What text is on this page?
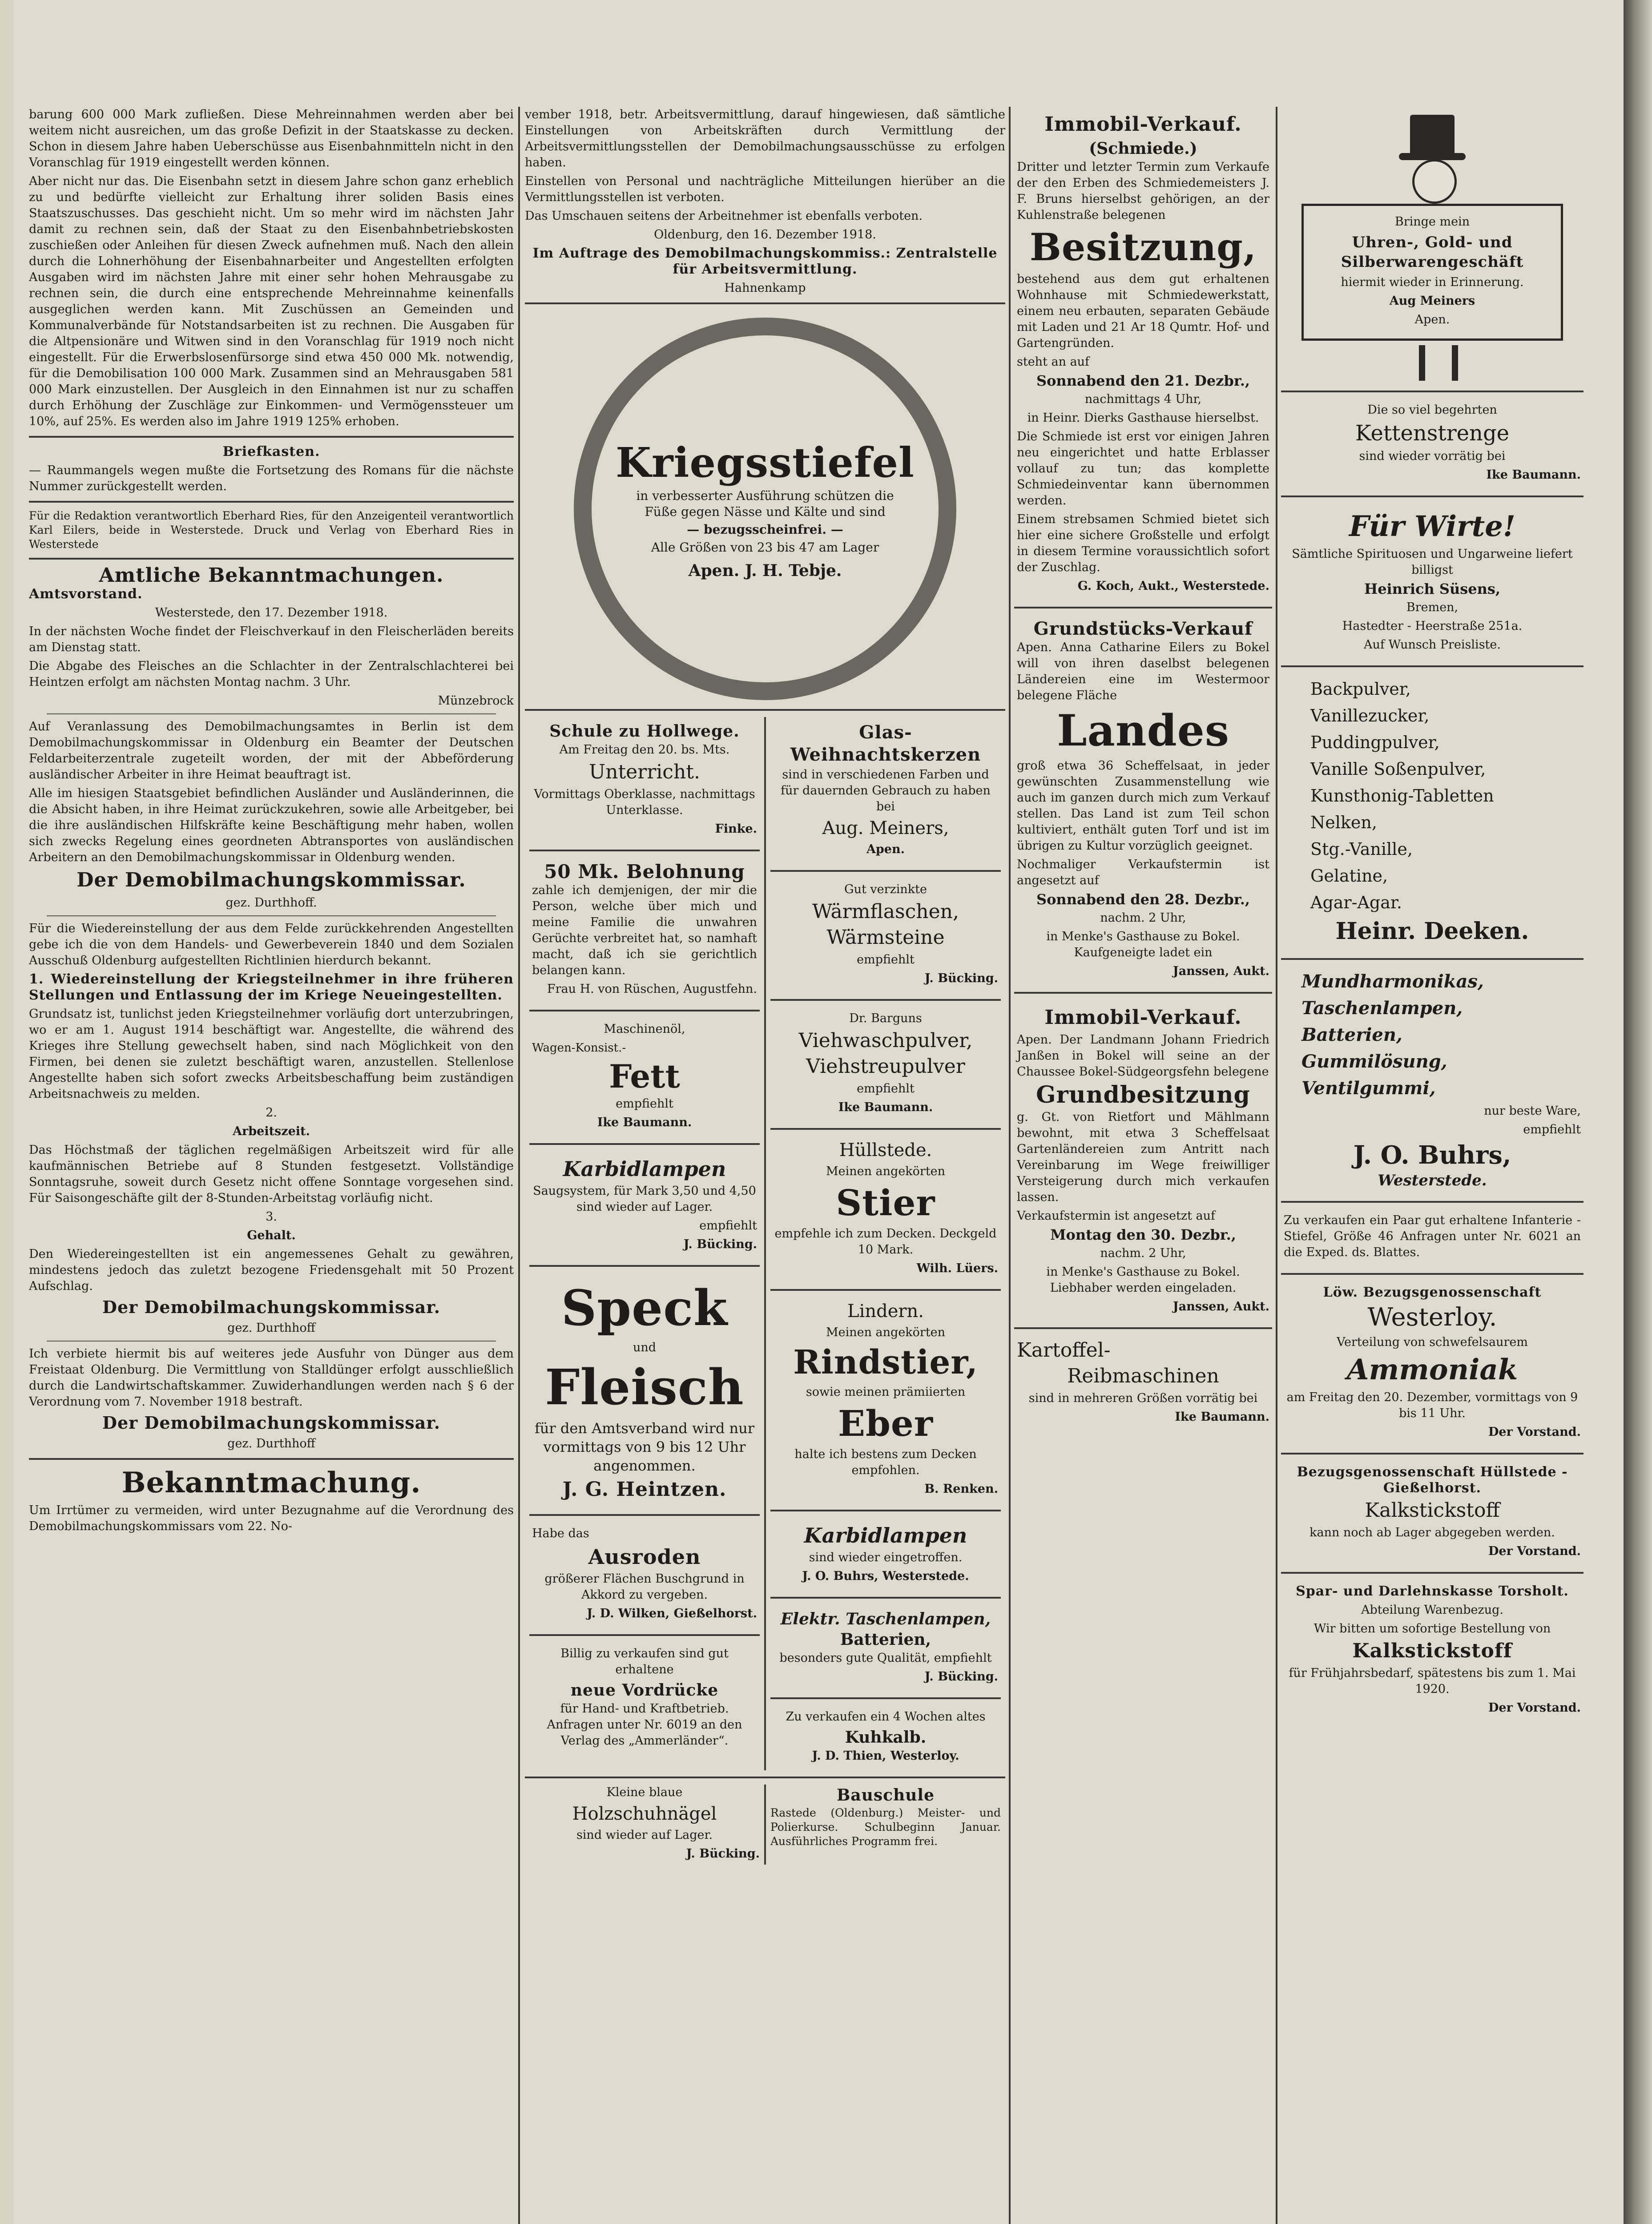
barung 600 000 Mark zufließen. Diese Mehreinnahmen werden aber bei weitem nicht ausreichen, um das große Defizit in der Staatskasse zu decken. Schon in diesem Jahre haben Ueberschüsse aus Eisenbahnmitteln nicht in den Voranschlag für 1919 eingestellt werden können.

Aber nicht nur das. Die Eisenbahn setzt in diesem Jahre schon ganz erheblich zu und bedürfte vielleicht zur Erhaltung ihrer soliden Basis eines Staatszuschusses. Das geschieht nicht. Um so mehr wird im nächsten Jahr damit zu rechnen sein, daß der Staat zu den Eisenbahnbetriebskosten zuschießen oder Anleihen für diesen Zweck aufnehmen muß. Nach den allein durch die Lohnerhöhung der Eisenbahnarbeiter und Angestellten erfolgten Ausgaben wird im nächsten Jahre mit einer sehr hohen Mehrausgabe zu rechnen sein, die durch eine entsprechende Mehreinnahme keinenfalls ausgeglichen werden kann. Mit Zuschüssen an Gemeinden und Kommunalverbände für Notstandsarbeiten ist zu rechnen. Die Ausgaben für die Altpensionäre und Witwen sind in den Voranschlag für 1919 noch nicht eingestellt. Für die Erwerbslosenfürsorge sind etwa 450 000 Mk. notwendig, für die Demobilisation 100 000 Mark. Zusammen sind an Mehrausgaben 581 000 Mark einzustellen. Der Ausgleich in den Einnahmen ist nur zu schaffen durch Erhöhung der Zuschläge zur Einkommen- und Vermögenssteuer um 10%, auf 25%. Es werden also im Jahre 1919 125% erhoben.

Briefkasten.

— Raummangels wegen mußte die Fortsetzung des Romans für die nächste Nummer zurückgestellt werden.

Für die Redaktion verantwortlich Eberhard Ries, für den Anzeigenteil verantwortlich Karl Eilers, beide in Westerstede. Druck und Verlag von Eberhard Ries in Westerstede

Amtliche Bekanntmachungen.

Amtsvorstand.

Westerstede, den 17. Dezember 1918.

In der nächsten Woche findet der Fleischverkauf in den Fleischerläden bereits am Dienstag statt.

Die Abgabe des Fleisches an die Schlachter in der Zentralschlachterei bei Heintzen erfolgt am nächsten Montag nachm. 3 Uhr.

Münzebrock

Auf Veranlassung des Demobilmachungsamtes in Berlin ist dem Demobilmachungskommissar in Oldenburg ein Beamter der Deutschen Feldarbeiterzentrale zugeteilt worden, der mit der Abbeförderung ausländischer Arbeiter in ihre Heimat beauftragt ist.

Alle im hiesigen Staatsgebiet befindlichen Ausländer und Ausländerinnen, die die Absicht haben, in ihre Heimat zurückzukehren, sowie alle Arbeitgeber, bei die ihre ausländischen Hilfskräfte keine Beschäftigung mehr haben, wollen sich zwecks Regelung eines geordneten Abtransportes von ausländischen Arbeitern an den Demobilmachungskommissar in Oldenburg wenden.

Der Demobilmachungskommissar.

gez. Durthhoff.

Für die Wiedereinstellung der aus dem Felde zurückkehrenden Angestellten gebe ich die von dem Handels- und Gewerbeverein 1840 und dem Sozialen Ausschuß Oldenburg aufgestellten Richtlinien hierdurch bekannt.

1. Wiedereinstellung der Kriegsteilnehmer in ihre früheren Stellungen und Entlassung der im Kriege Neueingestellten.

Grundsatz ist, tunlichst jeden Kriegsteilnehmer vorläufig dort unterzubringen, wo er am 1. August 1914 beschäftigt war. Angestellte, die während des Krieges ihre Stellung gewechselt haben, sind nach Möglichkeit von den Firmen, bei denen sie zuletzt beschäftigt waren, anzustellen. Stellenlose Angestellte haben sich sofort zwecks Arbeitsbeschaffung beim zuständigen Arbeitsnachweis zu melden.

2.

Arbeitszeit.

Das Höchstmaß der täglichen regelmäßigen Arbeitszeit wird für alle kaufmännischen Betriebe auf 8 Stunden festgesetzt. Vollständige Sonntagsruhe, soweit durch Gesetz nicht offene Sonntage vorgesehen sind. Für Saisongeschäfte gilt der 8-Stunden-Arbeitstag vorläufig nicht.

3.

Gehalt.

Den Wiedereingestellten ist ein angemessenes Gehalt zu gewähren, mindestens jedoch das zuletzt bezogene Friedensgehalt mit 50 Prozent Aufschlag.

Der Demobilmachungskommissar.

gez. Durthhoff

Ich verbiete hiermit bis auf weiteres jede Ausfuhr von Dünger aus dem Freistaat Oldenburg. Die Vermittlung von Stalldünger erfolgt ausschließlich durch die Landwirtschaftskammer. Zuwiderhandlungen werden nach § 6 der Verordnung vom 7. November 1918 bestraft.

Der Demobilmachungskommissar.

gez. Durthhoff

Bekanntmachung.

Um Irrtümer zu vermeiden, wird unter Bezugnahme auf die Verordnung des Demobilmachungskommissars vom 22. No-

vember 1918, betr. Arbeitsvermittlung, darauf hingewiesen, daß sämtliche Einstellungen von Arbeitskräften durch Vermittlung der Arbeitsvermittlungsstellen der Demobilmachungsausschüsse zu erfolgen haben.

Einstellen von Personal und nachträgliche Mitteilungen hierüber an die Vermittlungsstellen ist verboten.

Das Umschauen seitens der Arbeitnehmer ist ebenfalls verboten.

Oldenburg, den 16. Dezember 1918.

Im Auftrage des Demobilmachungskommiss.: Zentralstelle für Arbeitsvermittlung.

Hahnenkamp

Kriegsstiefel

in verbesserter Ausführung schützen die Füße gegen Nässe und Kälte und sind

— bezugsscheinfrei. —

Alle Größen von 23 bis 47 am Lager

Apen. J. H. Tebje.

Schule zu Hollwege.

Am Freitag den 20. bs. Mts.

Unterricht.

Vormittags Oberklasse, nachmittags Unterklasse.

Finke.

50 Mk. Belohnung

zahle ich demjenigen, der mir die Person, welche über mich und meine Familie die unwahren Gerüchte verbreitet hat, so namhaft macht, daß ich sie gerichtlich belangen kann.

Frau H. von Rüschen, Augustfehn.

Maschinenöl,

Wagen-Konsist.-

Fett

empfiehlt

Ike Baumann.

Karbidlampen

Saugsystem, für Mark 3,50 und 4,50 sind wieder auf Lager.

empfiehlt

J. Bücking.

Speck

und

Fleisch

für den Amtsverband wird nur vormittags von 9 bis 12 Uhr angenommen.

J. G. Heintzen.

Habe das

Ausroden

größerer Flächen Buschgrund in Akkord zu vergeben.

J. D. Wilken, Gießelhorst.

Billig zu verkaufen sind gut erhaltene

neue Vordrücke

für Hand- und Kraftbetrieb. Anfragen unter Nr. 6019 an den Verlag des „Ammerländer“.

Glas-Weihnachtskerzen

sind in verschiedenen Farben und für dauernden Gebrauch zu haben bei

Aug. Meiners,

Apen.

Gut verzinkte

Wärmflaschen,

Wärmsteine

empfiehlt

J. Bücking.

Dr. Barguns

Viehwaschpulver,

Viehstreupulver

empfiehlt

Ike Baumann.

Hüllstede.

Meinen angekörten

Stier

empfehle ich zum Decken. Deckgeld 10 Mark.

Wilh. Lüers.

Lindern.

Meinen angekörten

Rindstier,

sowie meinen prämiierten

Eber

halte ich bestens zum Decken empfohlen.

B. Renken.

Karbidlampen

sind wieder eingetroffen.

J. O. Buhrs, Westerstede.

Elektr. Taschenlampen,
Batterien,

besonders gute Qualität, empfiehlt

J. Bücking.

Zu verkaufen ein 4 Wochen altes

Kuhkalb.

J. D. Thien, Westerloy.

Kleine blaue

Holzschuhnägel

sind wieder auf Lager.

J. Bücking.

Bauschule

Rastede (Oldenburg.) Meister- und Polierkurse. Schulbeginn Januar. Ausführliches Programm frei.

Immobil-Verkauf.
(Schmiede.)

Dritter und letzter Termin zum Verkaufe der den Erben des Schmiedemeisters J. F. Bruns hierselbst gehörigen, an der Kuhlenstraße belegenen

Besitzung,

bestehend aus dem gut erhaltenen Wohnhause mit Schmiedewerkstatt, einem neu erbauten, separaten Gebäude mit Laden und 21 Ar 18 Qumtr. Hof- und Gartengründen.

steht an auf

Sonnabend den 21. Dezbr.,

nachmittags 4 Uhr,

in Heinr. Dierks Gasthause hierselbst.

Die Schmiede ist erst vor einigen Jahren neu eingerichtet und hatte Erblasser vollauf zu tun; das komplette Schmiedeinventar kann übernommen werden.

Einem strebsamen Schmied bietet sich hier eine sichere Großstelle und erfolgt in diesem Termine voraussichtlich sofort der Zuschlag.

G. Koch, Aukt., Westerstede.

Grundstücks-Verkauf

Apen. Anna Catharine Eilers zu Bokel will von ihren daselbst belegenen Ländereien eine im Westermoor belegene Fläche

Landes

groß etwa 36 Scheffelsaat, in jeder gewünschten Zusammenstellung wie auch im ganzen durch mich zum Verkauf stellen. Das Land ist zum Teil schon kultiviert, enthält guten Torf und ist im übrigen zu Kultur vorzüglich geeignet.

Nochmaliger Verkaufstermin ist angesetzt auf

Sonnabend den 28. Dezbr.,

nachm. 2 Uhr,

in Menke's Gasthause zu Bokel. Kaufgeneigte ladet ein

Janssen, Aukt.

Immobil-Verkauf.

Apen. Der Landmann Johann Friedrich Janßen in Bokel will seine an der Chaussee Bokel-Südgeorgsfehn belegene

Grundbesitzung

g. Gt. von Rietfort und Mählmann bewohnt, mit etwa 3 Scheffelsaat Gartenländereien zum Antritt nach Vereinbarung im Wege freiwilliger Versteigerung durch mich verkaufen lassen.

Verkaufstermin ist angesetzt auf

Montag den 30. Dezbr.,

nachm. 2 Uhr,

in Menke's Gasthause zu Bokel. Liebhaber werden eingeladen.

Janssen, Aukt.

Kartoffel-

Reibmaschinen

sind in mehreren Größen vorrätig bei

Ike Baumann.

Bringe mein

Uhren-, Gold- und Silberwarengeschäft

hiermit wieder in Erinnerung.

Aug Meiners

Apen.

Die so viel begehrten

Kettenstrenge

sind wieder vorrätig bei

Ike Baumann.

Für Wirte!

Sämtliche Spirituosen und Ungarweine liefert billigst

Heinrich Süsens,

Bremen,

Hastedter - Heerstraße 251a.

Auf Wunsch Preisliste.

Backpulver,

Vanillezucker,

Puddingpulver,

Vanille Soßenpulver,

Kunsthonig-Tabletten

Nelken,

Stg.-Vanille,

Gelatine,

Agar-Agar.

Heinr. Deeken.

Mundharmonikas,

Taschenlampen,

Batterien,

Gummilösung,

Ventilgummi,

nur beste Ware,

empfiehlt

J. O. Buhrs,

Westerstede.

Zu verkaufen ein Paar gut erhaltene Infanterie - Stiefel, Größe 46 Anfragen unter Nr. 6021 an die Exped. ds. Blattes.

Löw. Bezugsgenossenschaft

Westerloy.

Verteilung von schwefelsaurem

Ammoniak

am Freitag den 20. Dezember, vormittags von 9 bis 11 Uhr.

Der Vorstand.

Bezugsgenossenschaft Hüllstede - Gießelhorst.

Kalkstickstoff

kann noch ab Lager abgegeben werden.

Der Vorstand.

Spar- und Darlehnskasse Torsholt.

Abteilung Warenbezug.

Wir bitten um sofortige Bestellung von

Kalkstickstoff

für Frühjahrsbedarf, spätestens bis zum 1. Mai 1920.

Der Vorstand.
